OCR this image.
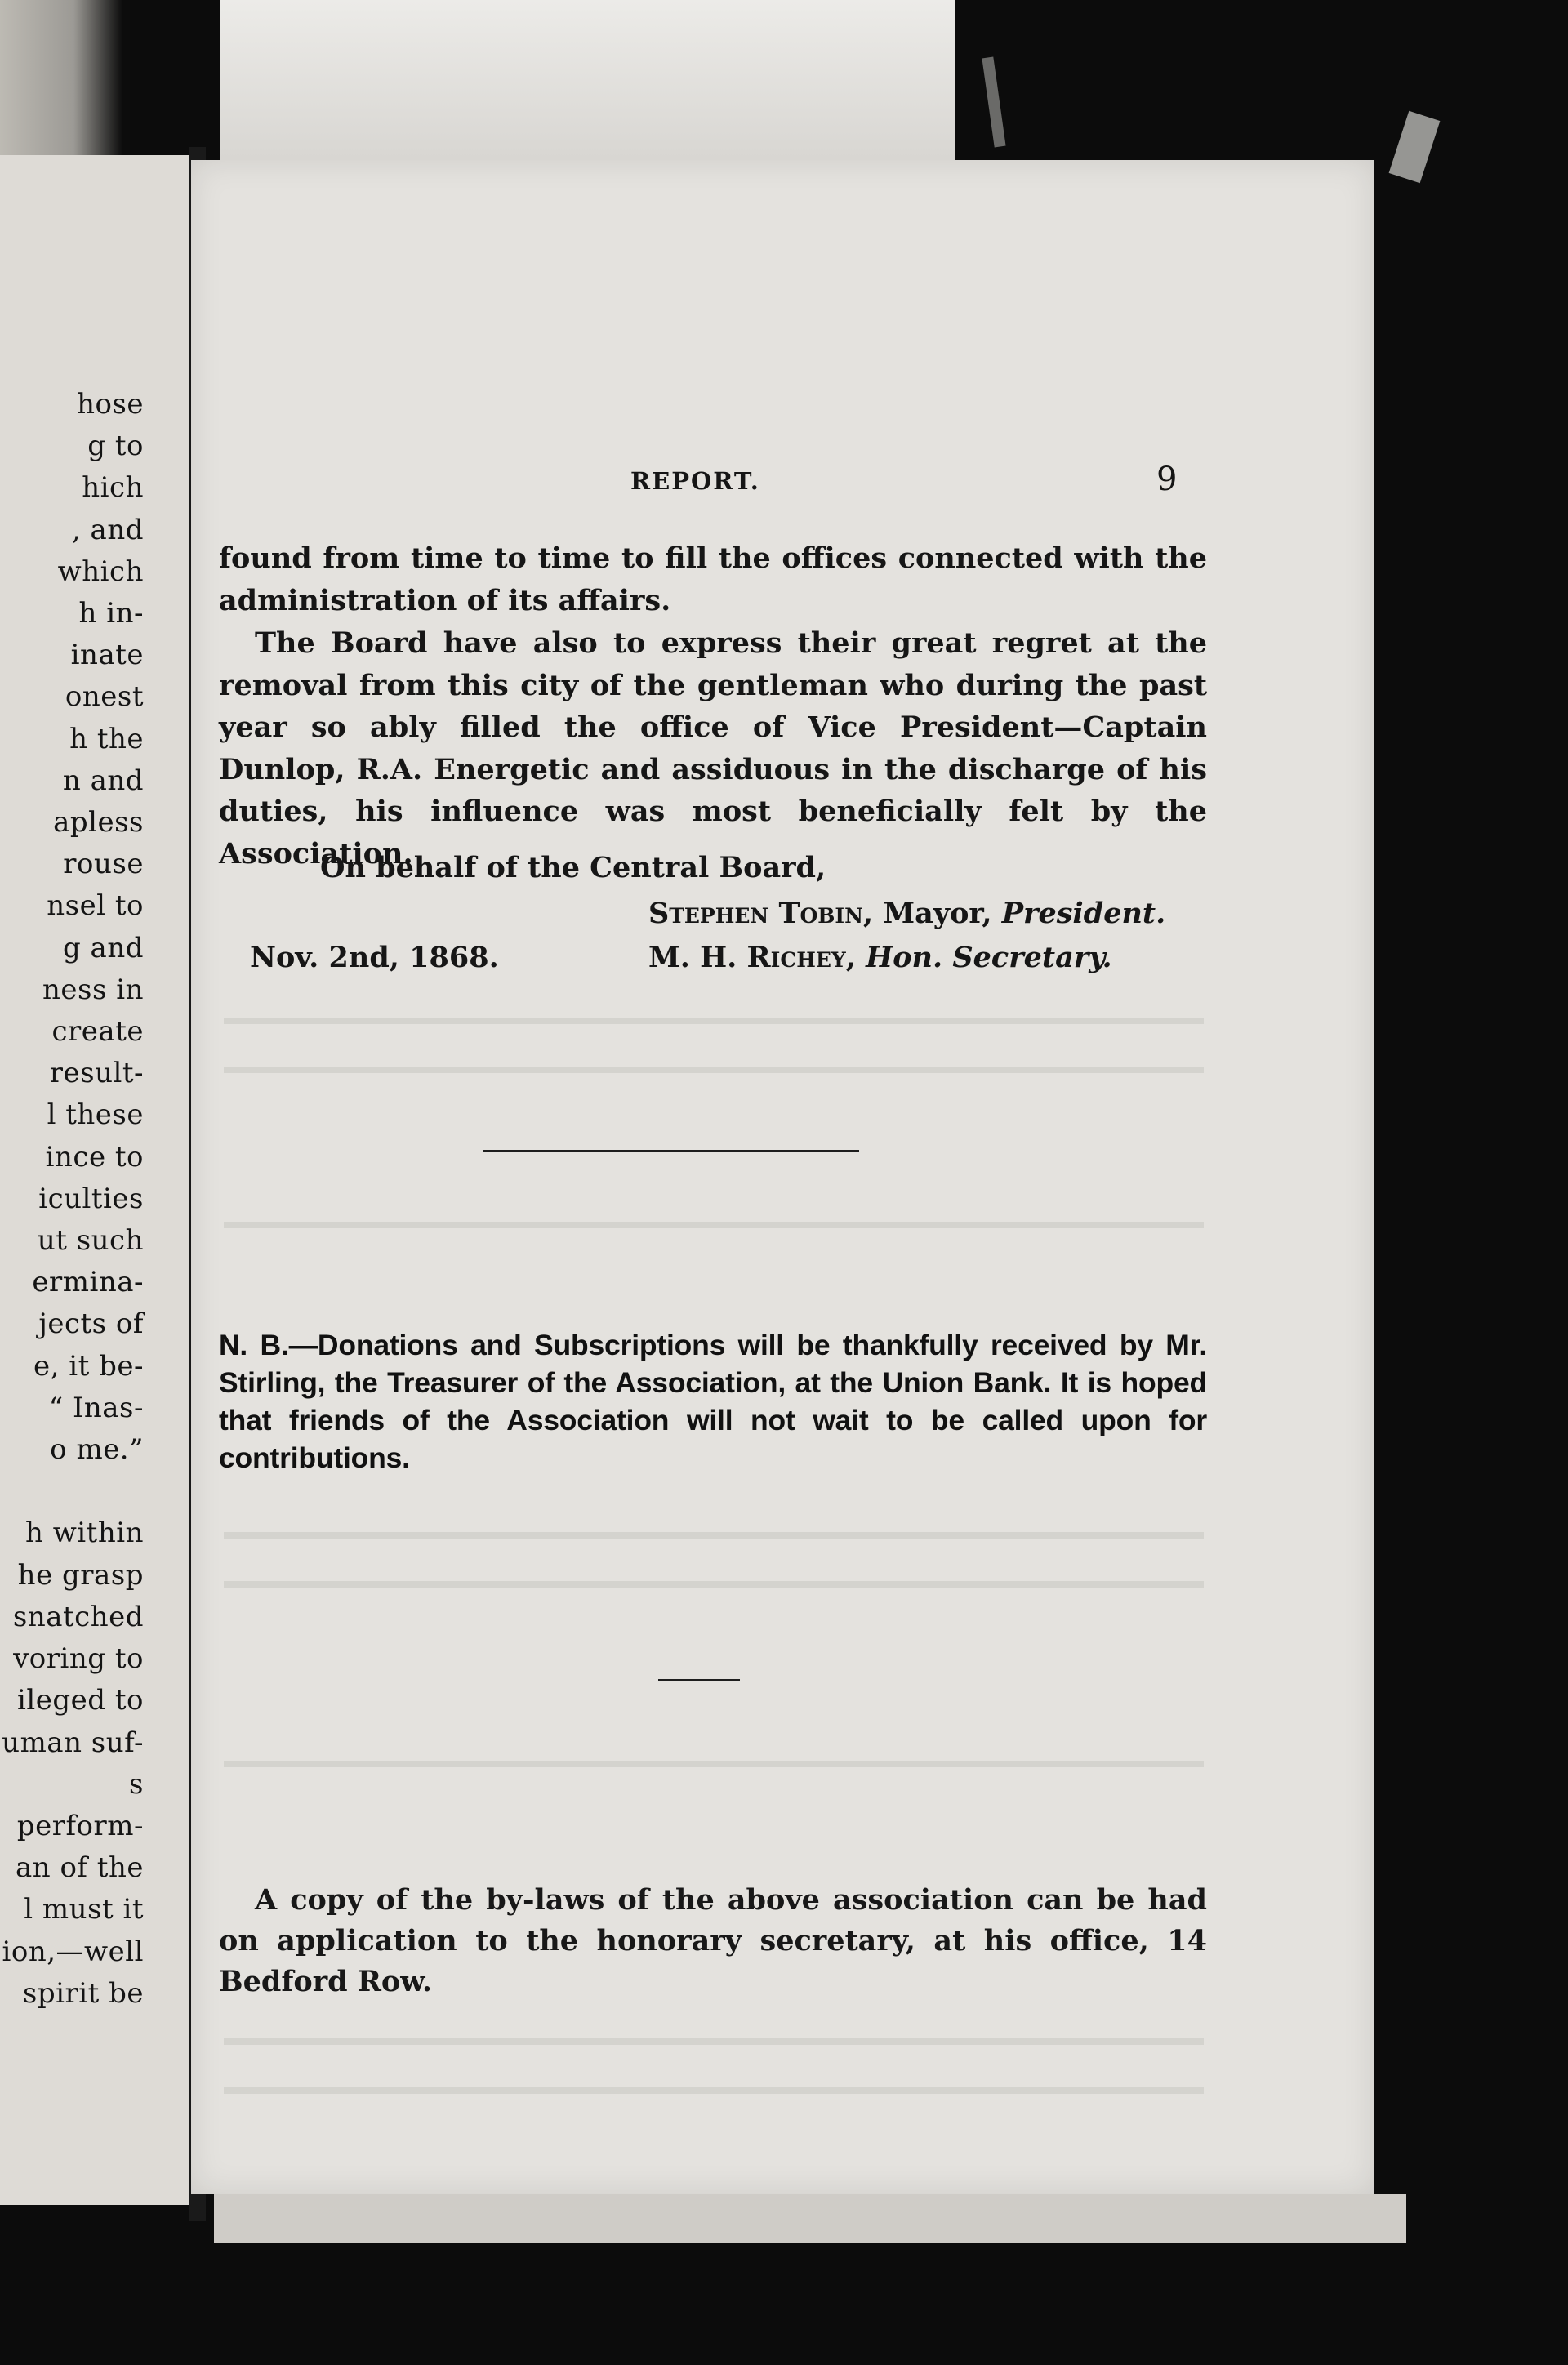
hose
g to
hich
, and
which
h in-
inate
onest
h the
n and
apless
rouse
nsel to
g and
ness in
create
result-
l these
ince to
iculties
ut such
ermina-
jects of
e, it be-
“ Inas-
o me.”

h within
he grasp
snatched
voring to
ileged to
uman suf-
s perform-
an of the
l must it
ion,—well
spirit be
REPORT.	9
found from time to time to fill the offices connected with the administration of its affairs.
The Board have also to express their great regret at the removal from this city of the gentleman who during the past year so ably filled the office of Vice President—Captain Dunlop, R.A. Energetic and assiduous in the discharge of his duties, his influence was most beneficially felt by the Association.
On behalf of the Central Board,
Stephen Tobin, Mayor, President.
Nov. 2nd, 1868.	M. H. Richey, Hon. Secretary.
N. B.—Donations and Subscriptions will be thankfully received by Mr. Stirling, the Treasurer of the Association, at the Union Bank. It is hoped that friends of the Association will not wait to be called upon for contributions.
A copy of the by-laws of the above association can be had on application to the honorary secretary, at his office, 14 Bedford Row.
